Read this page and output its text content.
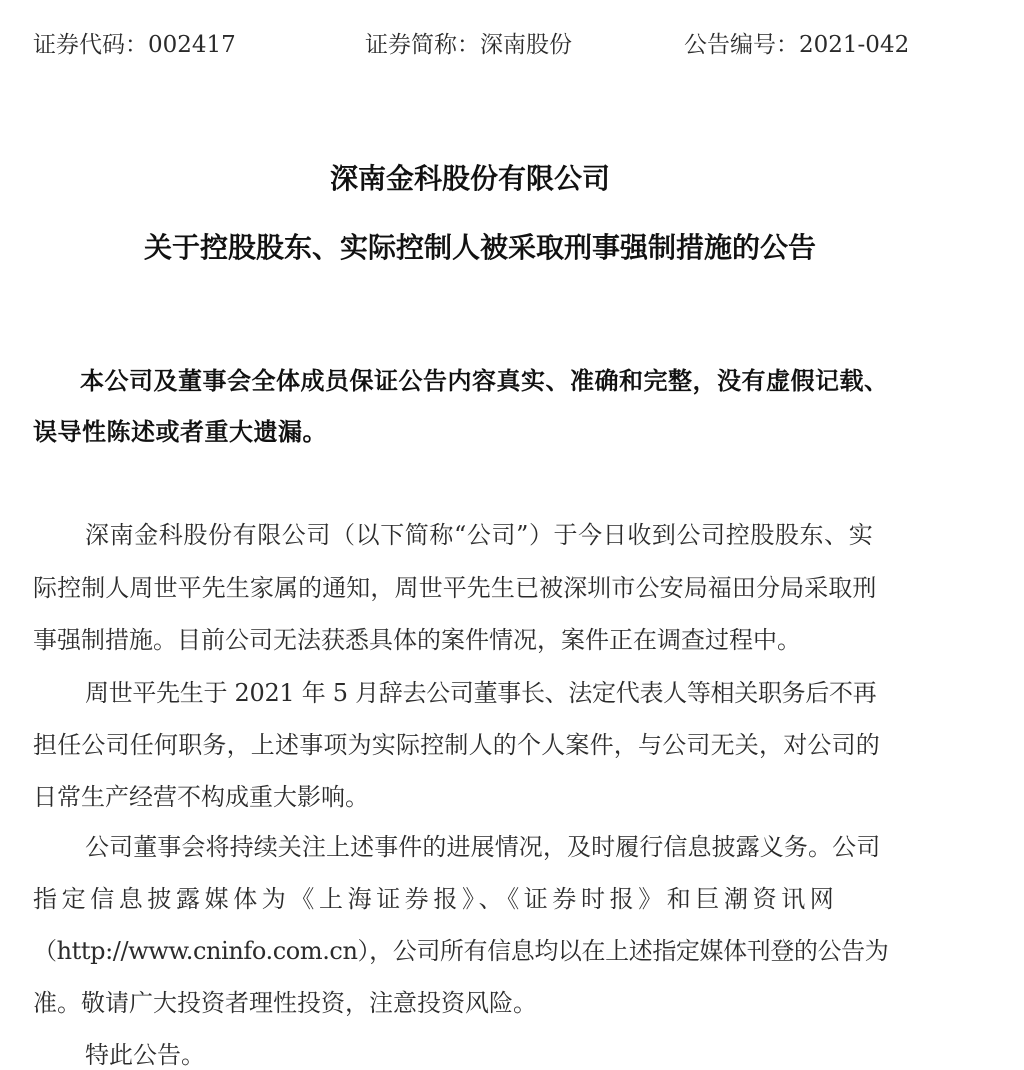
证券代码：002417	证券简称：深南股份	公告编号：2021-042
深南金科股份有限公司
关于控股股东、实际控制人被采取刑事强制措施的公告

本公司及董事会全体成员保证公告内容真实、准确和完整，没有虚假记载、

误导性陈述或者重大遗漏。

深南金科股份有限公司（以下简称“公司”）于今日收到公司控股股东、实

际控制人周世平先生家属的通知，周世平先生已被深圳市公安局福田分局采取刑

事强制措施。目前公司无法获悉具体的案件情况，案件正在调查过程中。

周世平先生于 2021 年 5 月辞去公司董事长、法定代表人等相关职务后不再

担任公司任何职务，上述事项为实际控制人的个人案件，与公司无关，对公司的

日常生产经营不构成重大影响。

公司董事会将持续关注上述事件的进展情况，及时履行信息披露义务。公司

指定信息披露媒体为《上海证券报》、《证券时报》和巨潮资讯网

（http://www.cninfo.com.cn），公司所有信息均以在上述指定媒体刊登的公告为

准。敬请广大投资者理性投资，注意投资风险。

特此公告。
